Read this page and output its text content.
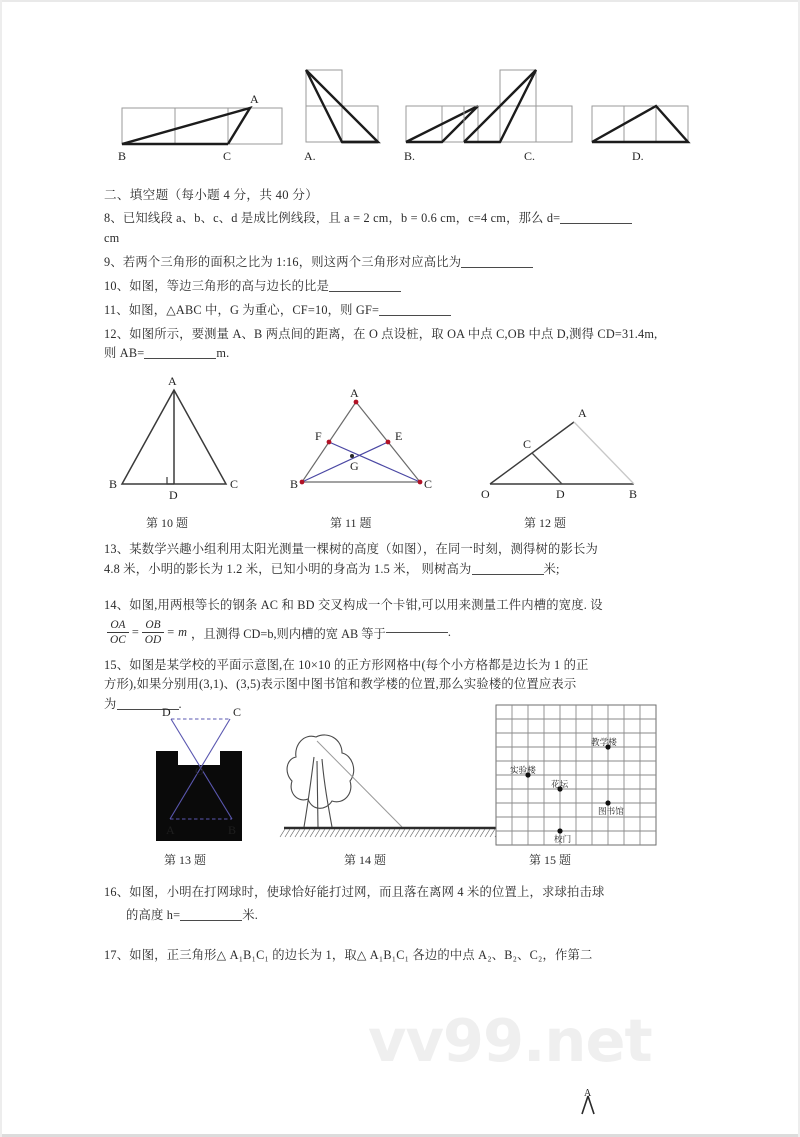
B	C
A
A.	B.	C.	D.
二、填空题（每小题 4 分，共 40 分）
8、已知线段 a、b、c、d 是成比例线段，且 a = 2 cm，b = 0.6 cm，c=4 cm，那么 d=
cm
9、若两个三角形的面积之比为 1:16，则这两个三角形对应高比为
10、如图，等边三角形的高与边长的比是
11、如图，△ABC 中，G 为重心，CF=10，则 GF=
12、如图所示，要测量 A、B 两点间的距离，在 O 点设桩，取 OA 中点 C,OB 中点 D,测得 CD=31.4m,
则 AB=	m.
A
B	C
D
A
B	C
F	E
G
A
O	D	B
C
第 10 题	第 11 题	第 12 题
13、某数学兴趣小组利用太阳光测量一棵树的高度（如图），在同一时刻，测得树的影长为
4.8 米，小明的影长为 1.2 米，已知小明的身高为 1.5 米， 则树高为	米;
14、如图,用两根等长的钢条 AC 和 BD 交叉构成一个卡钳,可以用来测量工件内槽的宽度. 设
$\frac{OA}{OC} = \frac{OB}{OD} = m$ ，且测得 CD=b,则内槽的宽 AB 等于	.
15、如图是某学校的平面示意图,在 10×10 的正方形网格中(每个小方格都是边长为 1 的正
方形),如果分别用(3,1)、(3,5)表示图中图书馆和教学楼的位置,那么实验楼的位置应表示
为	.
D	C
A	B
O
教学楼
实验楼
花坛
图书馆
校门
第 13 题	第 14 题	第 15 题
16、如图，小明在打网球时，使球恰好能打过网，而且落在离网 4 米的位置上，求球拍击球
的高度 h=	米.
17、如图，正三角形△ A₁B₁C₁ 的边长为 1，取△ A₁B₁C₁ 各边的中点 A₂、B₂、C₂，作第二
vv99.net
A
